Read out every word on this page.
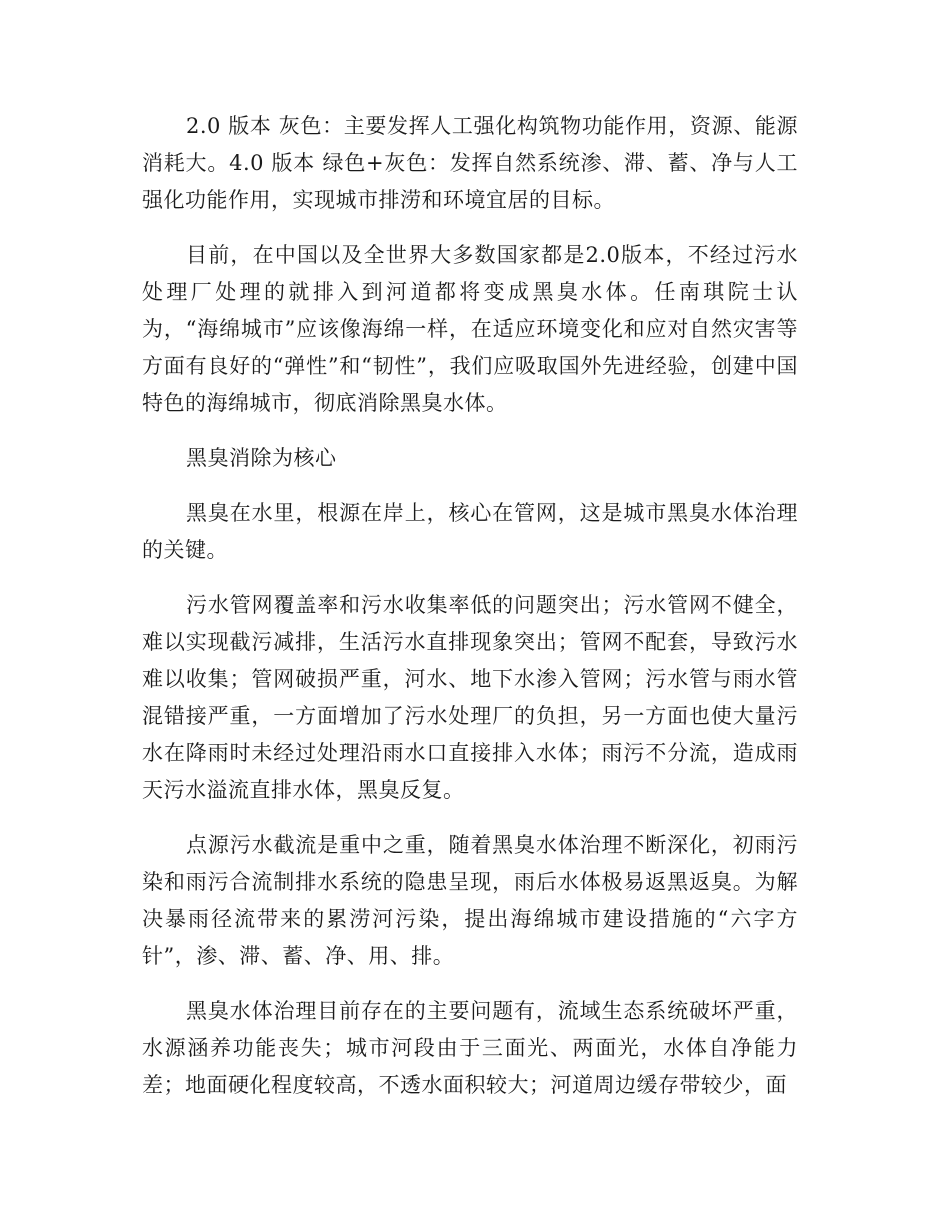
2.0 版本 灰色：主要发挥人工强化构筑物功能作用，资源、能源消耗大。4.0 版本 绿色+灰色：发挥自然系统渗、滞、蓄、净与人工强化功能作用，实现城市排涝和环境宜居的目标。

目前，在中国以及全世界大多数国家都是2.0版本，不经过污水处理厂处理的就排入到河道都将变成黑臭水体。任南琪院士认为，“海绵城市”应该像海绵一样，在适应环境变化和应对自然灾害等方面有良好的“弹性”和“韧性”，我们应吸取国外先进经验，创建中国特色的海绵城市，彻底消除黑臭水体。

黑臭消除为核心

黑臭在水里，根源在岸上，核心在管网，这是城市黑臭水体治理的关键。

污水管网覆盖率和污水收集率低的问题突出；污水管网不健全，难以实现截污减排，生活污水直排现象突出；管网不配套，导致污水难以收集；管网破损严重，河水、地下水渗入管网；污水管与雨水管混错接严重，一方面增加了污水处理厂的负担，另一方面也使大量污水在降雨时未经过处理沿雨水口直接排入水体；雨污不分流，造成雨天污水溢流直排水体，黑臭反复。

点源污水截流是重中之重，随着黑臭水体治理不断深化，初雨污染和雨污合流制排水系统的隐患呈现，雨后水体极易返黑返臭。为解决暴雨径流带来的累涝河污染，提出海绵城市建设措施的“六字方针”，渗、滞、蓄、净、用、排。

黑臭水体治理目前存在的主要问题有，流域生态系统破坏严重，水源涵养功能丧失；城市河段由于三面光、两面光，水体自净能力差；地面硬化程度较高，不透水面积较大；河道周边缓存带较少，面
